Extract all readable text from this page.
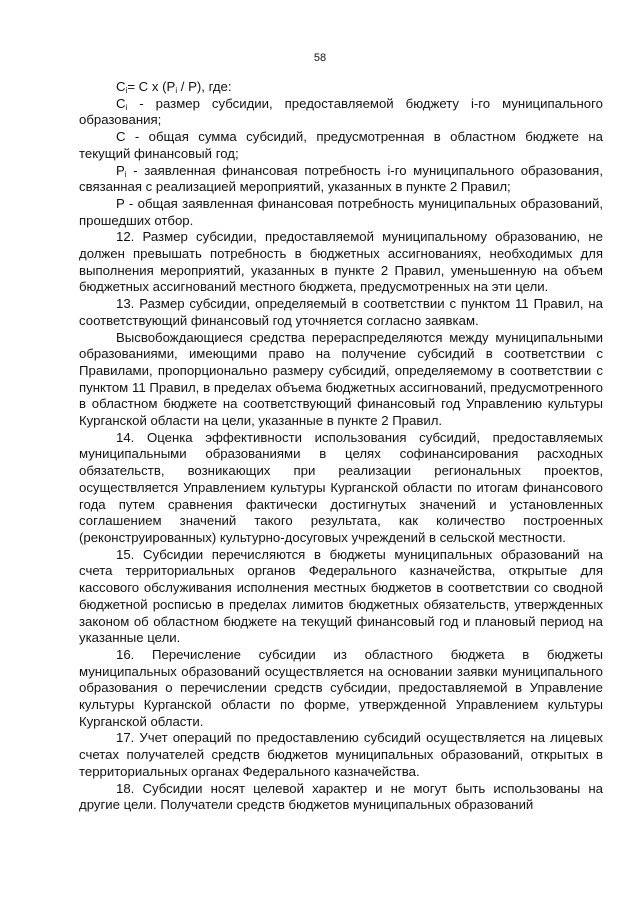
58

$C_i= C$ x $(P_i / P)$, где:

$C_i$ - размер субсидии, предоставляемой бюджету i-го муниципального образования;

C - общая сумма субсидий, предусмотренная в областном бюджете на текущий финансовый год;

$P_i$ - заявленная финансовая потребность i-го муниципального образования, связанная с реализацией мероприятий, указанных в пункте 2 Правил;

P - общая заявленная финансовая потребность муниципальных образований, прошедших отбор.

12. Размер субсидии, предоставляемой муниципальному образованию, не должен превышать потребность в бюджетных ассигнованиях, необходимых для выполнения мероприятий, указанных в пункте 2 Правил, уменьшенную на объем бюджетных ассигнований местного бюджета, предусмотренных на эти цели.

13. Размер субсидии, определяемый в соответствии с пунктом 11 Правил, на соответствующий финансовый год уточняется согласно заявкам.

Высвобождающиеся средства перераспределяются между муниципальными образованиями, имеющими право на получение субсидий в соответствии с Правилами, пропорционально размеру субсидий, определяемому в соответствии с пунктом 11 Правил, в пределах объема бюджетных ассигнований, предусмотренного в областном бюджете на соответствующий финансовый год Управлению культуры Курганской области на цели, указанные в пункте 2 Правил.

14. Оценка эффективности использования субсидий, предоставляемых муниципальными образованиями в целях софинансирования расходных обязательств, возникающих при реализации региональных проектов, осуществляется Управлением культуры Курганской области по итогам финансового года путем сравнения фактически достигнутых значений и установленных соглашением значений такого результата, как количество построенных (реконструированных) культурно-досуговых учреждений в сельской местности.

15. Субсидии перечисляются в бюджеты муниципальных образований на счета территориальных органов Федерального казначейства, открытые для кассового обслуживания исполнения местных бюджетов в соответствии со сводной бюджетной росписью в пределах лимитов бюджетных обязательств, утвержденных законом об областном бюджете на текущий финансовый год и плановый период на указанные цели.

16. Перечисление субсидии из областного бюджета в бюджеты муниципальных образований осуществляется на основании заявки муниципального образования о перечислении средств субсидии, предоставляемой в Управление культуры Курганской области по форме, утвержденной Управлением культуры Курганской области.

17. Учет операций по предоставлению субсидий осуществляется на лицевых счетах получателей средств бюджетов муниципальных образований, открытых в территориальных органах Федерального казначейства.

18. Субсидии носят целевой характер и не могут быть использованы на другие цели. Получатели средств бюджетов муниципальных образований
